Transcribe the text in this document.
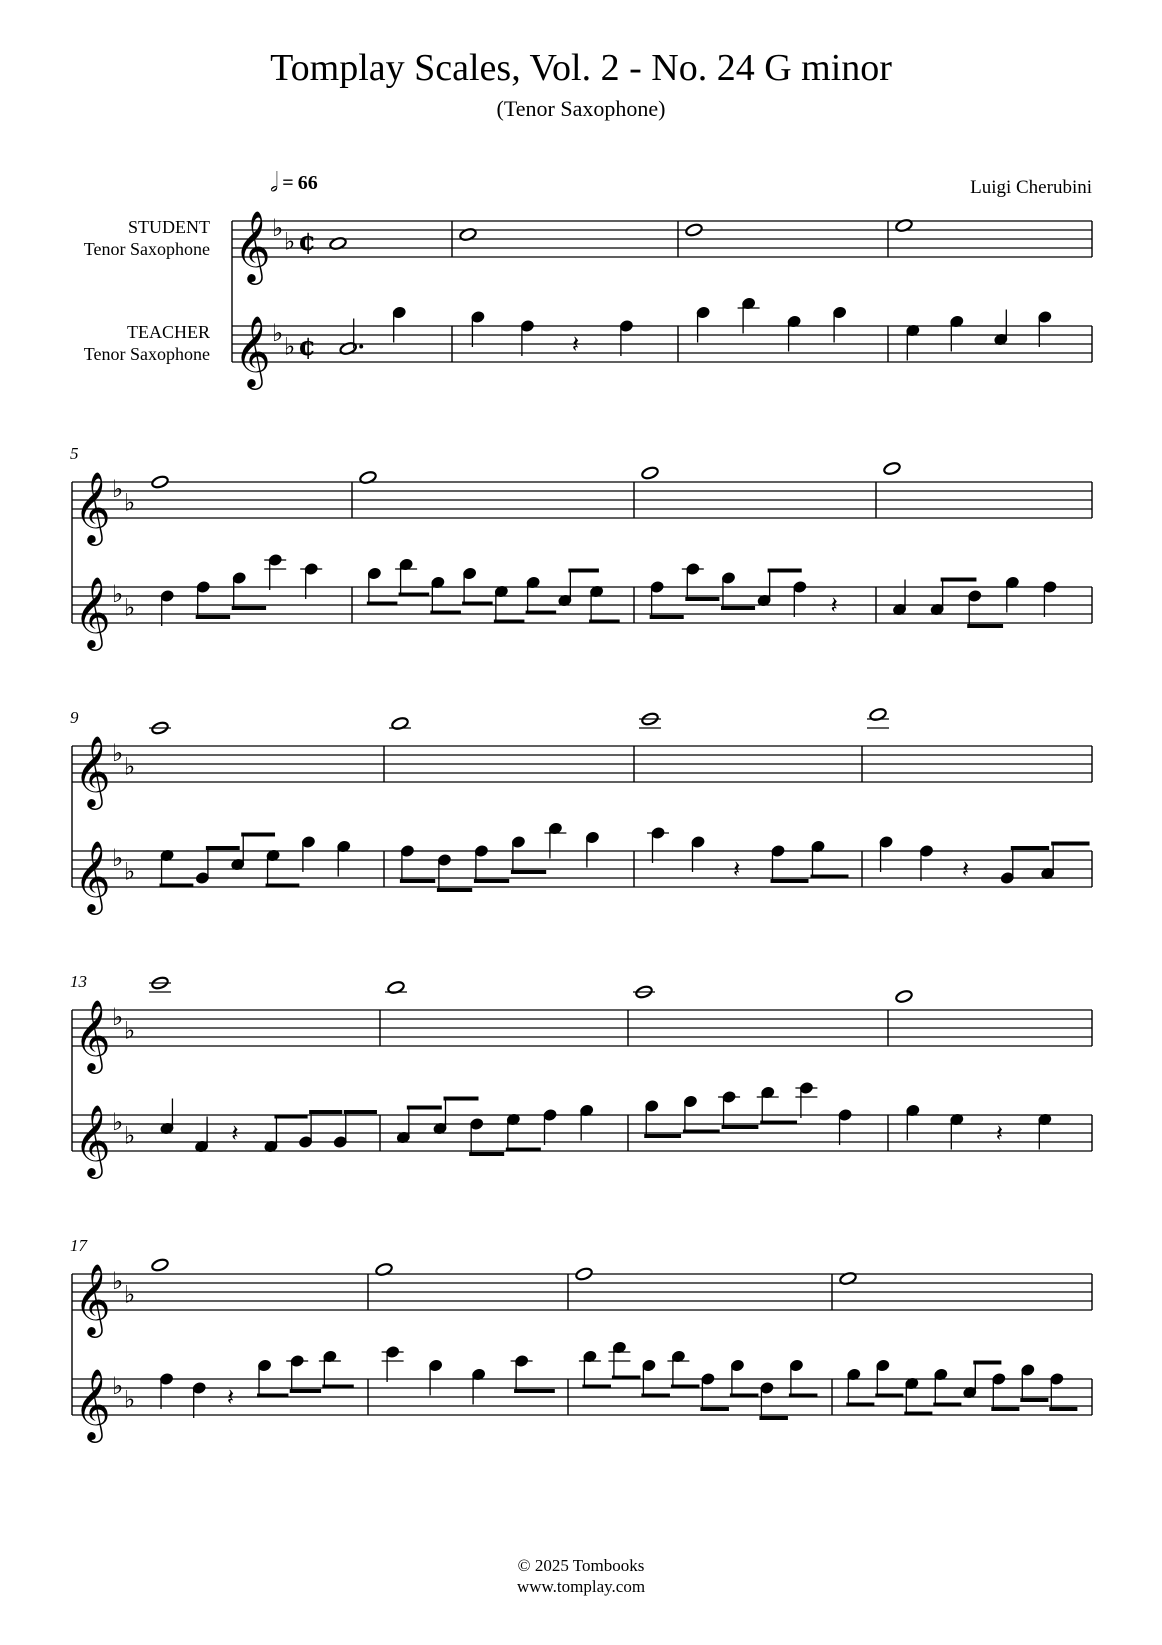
Tomplay Scales, Vol. 2 - No. 24 G minor
(Tenor Saxophone)
𝅗𝅥 = 66	Luigi Cherubini
STUDENT
Tenor Saxophone
TEACHER
Tenor Saxophone
5
9
13
17
𝄞 ♭ ♭ ¢
𝄞 ♭ ♭ ¢	𝄽
𝄞 ♭ ♭
𝄞 ♭ ♭	𝄽
𝄞 ♭ ♭
𝄞 ♭ ♭	𝄽	𝄽
𝄞 ♭ ♭
𝄞 ♭ ♭	𝄽	𝄽
𝄞 ♭ ♭
𝄞 ♭ ♭	𝄽
© 2025 Tombooks
www.tomplay.com
